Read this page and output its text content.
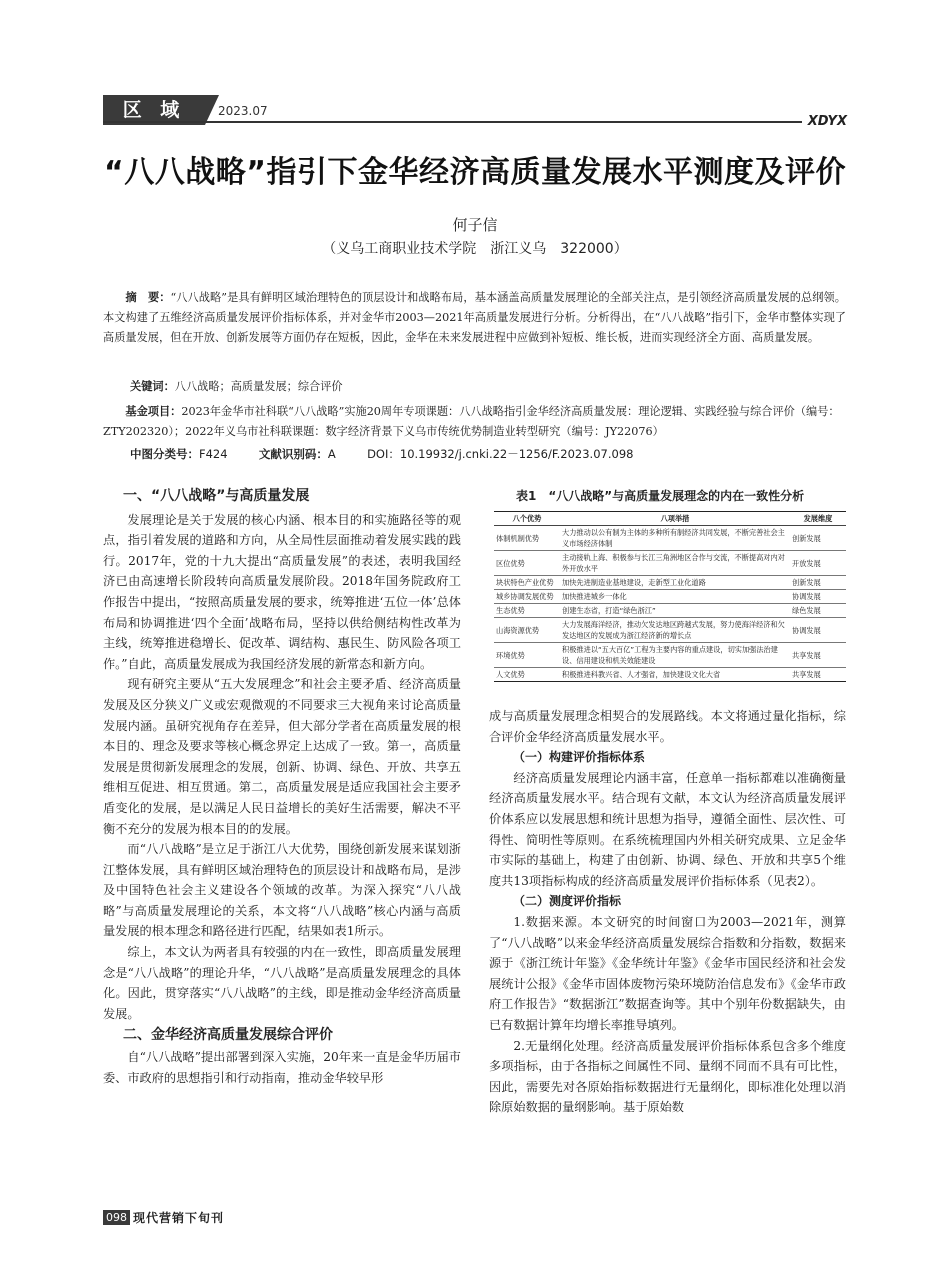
区 域	2023.07
XDYX
“八八战略”指引下金华经济高质量发展水平测度及评价
何子信
（义乌工商职业技术学院　浙江义乌　322000）

摘　要：“八八战略”是具有鲜明区域治理特色的顶层设计和战略布局，基本涵盖高质量发展理论的全部关注点，是引领经济高质量发展的总纲领。本文构建了五维经济高质量发展评价指标体系，并对金华市2003—2021年高质量发展进行分析。分析得出，在“八八战略”指引下，金华市整体实现了高质量发展，但在开放、创新发展等方面仍存在短板，因此，金华在未来发展进程中应做到补短板、维长板，进而实现经济全方面、高质量发展。

关键词：八八战略；高质量发展；综合评价
基金项目：2023年金华市社科联“八八战略”实施20周年专项课题：八八战略指引金华经济高质量发展：理论逻辑、实践经验与综合评价（编号：ZTY202320）；2022年义乌市社科联课题：数字经济背景下义乌市传统优势制造业转型研究（编号：JY22076）
中图分类号：F424	文献识别码：A	DOI：10.19932/j.cnki.22－1256/F.2023.07.098
一、“八八战略”与高质量发展

发展理论是关于发展的核心内涵、根本目的和实施路径等的观点，指引着发展的道路和方向，从全局性层面推动着发展实践的践行。2017年，党的十九大提出“高质量发展”的表述，表明我国经济已由高速增长阶段转向高质量发展阶段。2018年国务院政府工作报告中提出，“按照高质量发展的要求，统筹推进‘五位一体’总体布局和协调推进‘四个全面’战略布局，坚持以供给侧结构性改革为主线，统筹推进稳增长、促改革、调结构、惠民生、防风险各项工作。”自此，高质量发展成为我国经济发展的新常态和新方向。

现有研究主要从“五大发展理念”和社会主要矛盾、经济高质量发展及区分狭义广义或宏观微观的不同要求三大视角来讨论高质量发展内涵。虽研究视角存在差异，但大部分学者在高质量发展的根本目的、理念及要求等核心概念界定上达成了一致。第一，高质量发展是贯彻新发展理念的发展，创新、协调、绿色、开放、共享五维相互促进、相互贯通。第二，高质量发展是适应我国社会主要矛盾变化的发展，是以满足人民日益增长的美好生活需要，解决不平衡不充分的发展为根本目的的发展。

而“八八战略”是立足于浙江八大优势，围绕创新发展来谋划浙江整体发展，具有鲜明区域治理特色的顶层设计和战略布局，是涉及中国特色社会主义建设各个领域的改革。为深入探究“八八战略”与高质量发展理论的关系，本文将“八八战略”核心内涵与高质量发展的根本理念和路径进行匹配，结果如表1所示。

综上，本文认为两者具有较强的内在一致性，即高质量发展理念是“八八战略”的理论升华，“八八战略”是高质量发展理念的具体化。因此，贯穿落实“八八战略”的主线，即是推动金华经济高质量发展。

二、金华经济高质量发展综合评价

自“八八战略”提出部署到深入实施，20年来一直是金华历届市委、市政府的思想指引和行动指南，推动金华较早形

表1　“八八战略”与高质量发展理念的内在一致性分析
八个优势	八项举措	发展维度
体制机制优势	大力推动以公有制为主体的多种所有制经济共同发展，不断完善社会主义市场经济体制	创新发展
区位优势	主动接轨上海、积极参与长江三角洲地区合作与交流，不断提高对内对外开放水平	开放发展
块状特色产业优势	加快先进制造业基地建设，走新型工业化道路	创新发展
城乡协调发展优势	加快推进城乡一体化	协调发展
生态优势	创建生态省，打造“绿色浙江”	绿色发展
山海资源优势	大力发展海洋经济，推动欠发达地区跨越式发展，努力使海洋经济和欠发达地区的发展成为浙江经济新的增长点	协调发展
环境优势	积极推进以“五大百亿”工程为主要内容的重点建设，切实加强法治建设、信用建设和机关效能建设	共享发展
人文优势	积极推进科教兴省、人才强省，加快建设文化大省	共享发展

成与高质量发展理念相契合的发展路线。本文将通过量化指标，综合评价金华经济高质量发展水平。

（一）构建评价指标体系

经济高质量发展理论内涵丰富，任意单一指标都难以准确衡量经济高质量发展水平。结合现有文献，本文认为经济高质量发展评价体系应以发展思想和统计思想为指导，遵循全面性、层次性、可得性、简明性等原则。在系统梳理国内外相关研究成果、立足金华市实际的基础上，构建了由创新、协调、绿色、开放和共享5个维度共13项指标构成的经济高质量发展评价指标体系（见表2）。

（二）测度评价指标

1.数据来源。本文研究的时间窗口为2003—2021年，测算了“八八战略”以来金华经济高质量发展综合指数和分指数，数据来源于《浙江统计年鉴》《金华统计年鉴》《金华市国民经济和社会发展统计公报》《金华市固体废物污染环境防治信息发布》《金华市政府工作报告》“数据浙江”数据查询等。其中个别年份数据缺失，由已有数据计算年均增长率推导填列。

2.无量纲化处理。经济高质量发展评价指标体系包含多个维度多项指标，由于各指标之间属性不同、量纲不同而不具有可比性，因此，需要先对各原始指标数据进行无量纲化，即标准化处理以消除原始数据的量纲影响。基于原始数

098 现代营销下旬刊
